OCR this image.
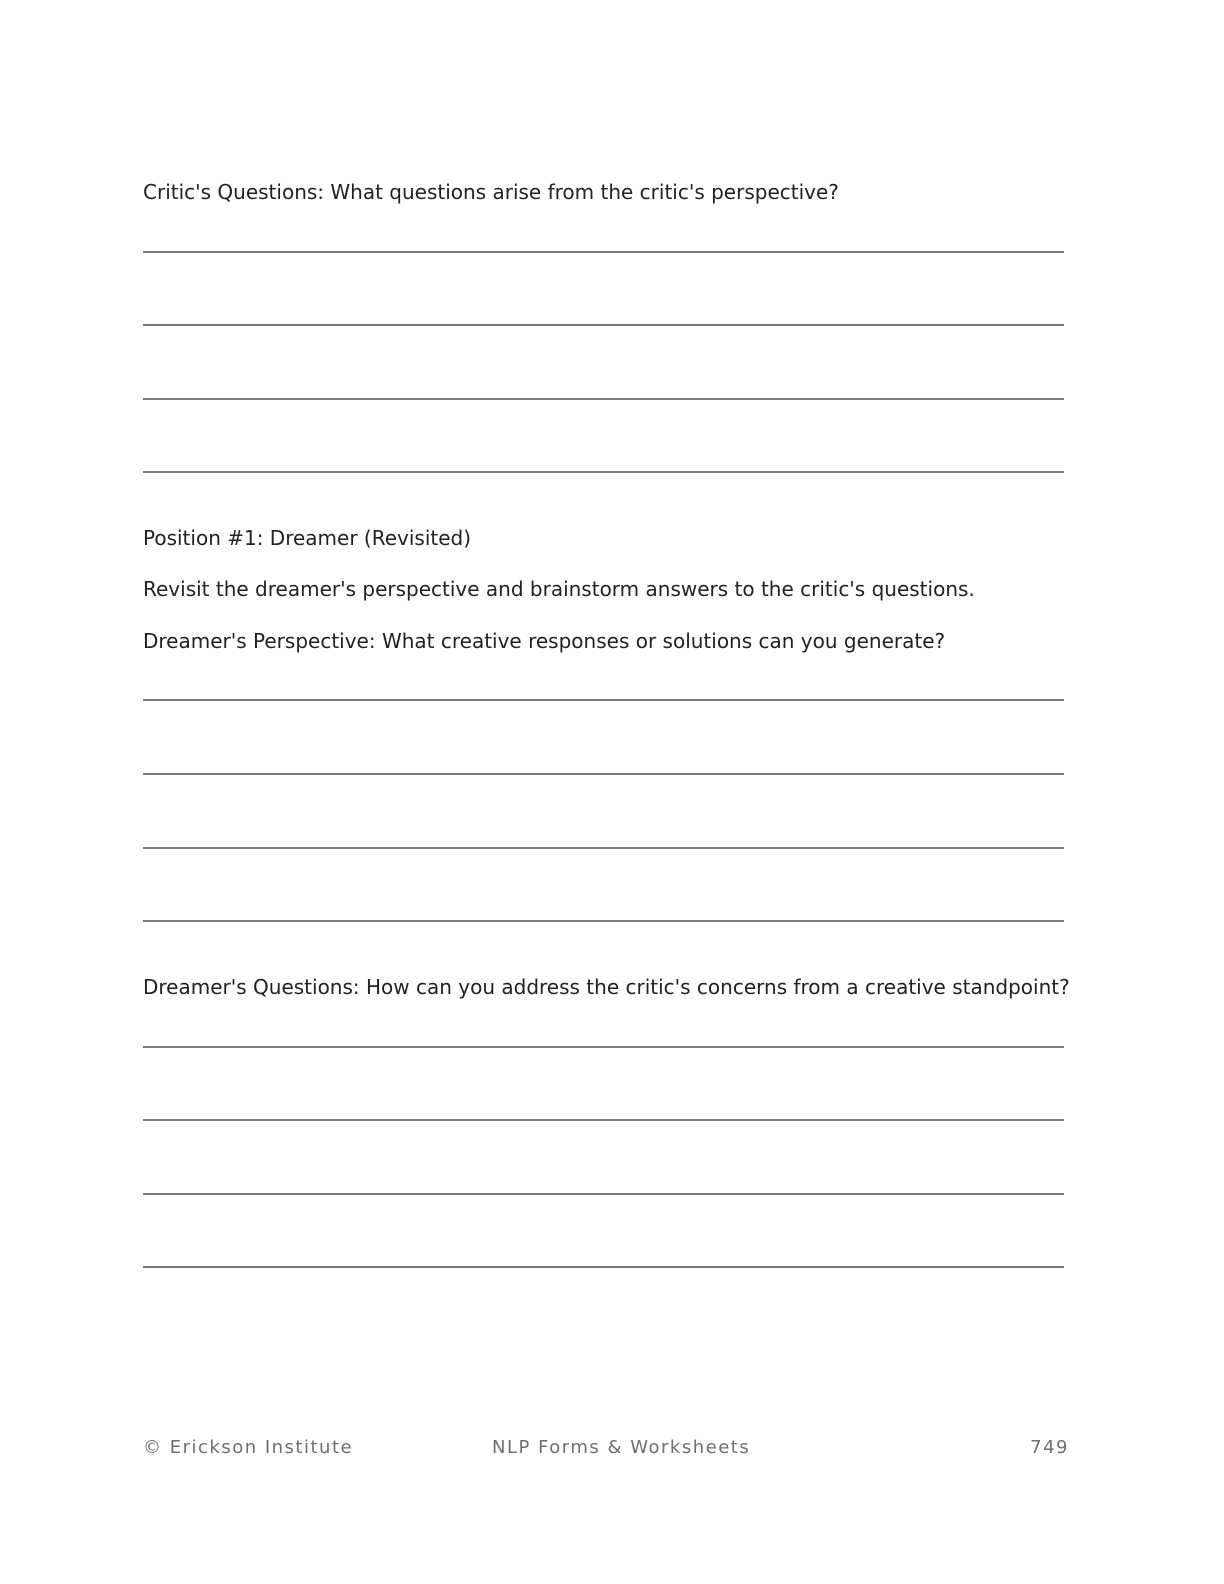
Critic's Questions: What questions arise from the critic's perspective?

Position #1: Dreamer (Revisited)

Revisit the dreamer's perspective and brainstorm answers to the critic's questions.

Dreamer's Perspective: What creative responses or solutions can you generate?

Dreamer's Questions: How can you address the critic's concerns from a creative standpoint?

© Erickson Institute	NLP Forms & Worksheets	749
